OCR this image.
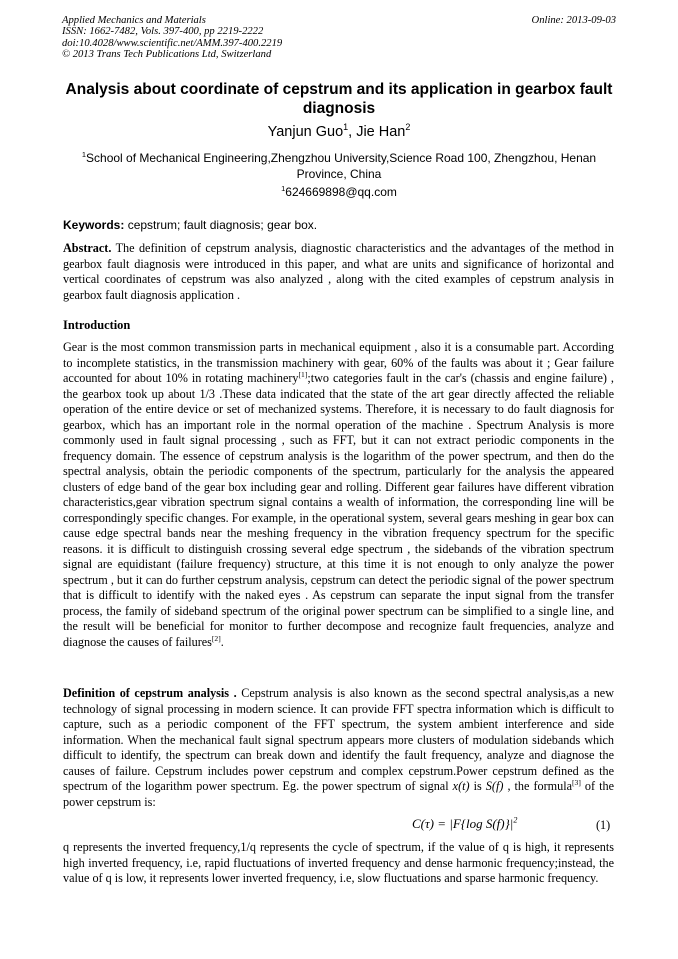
Applied Mechanics and Materials
ISSN: 1662-7482, Vols. 397-400, pp 2219-2222
doi:10.4028/www.scientific.net/AMM.397-400.2219
© 2013 Trans Tech Publications Ltd, Switzerland
Online: 2013-09-03
Analysis about coordinate of cepstrum and its application in gearbox fault diagnosis
Yanjun Guo$^1$, Jie Han$^2$
$^1$School of Mechanical Engineering,Zhengzhou University,Science Road 100, Zhengzhou, Henan Province, China
$^1$624669898@qq.com
Keywords: cepstrum; fault diagnosis; gear box.
Abstract. The definition of cepstrum analysis, diagnostic characteristics and the advantages of the method in gearbox fault diagnosis were introduced in this paper, and what are units and significance of horizontal and vertical coordinates of cepstrum was also analyzed , along with the cited examples of cepstrum analysis in gearbox fault diagnosis application .
Introduction
Gear is the most common transmission parts in mechanical equipment , also it is a consumable part. According to incomplete statistics, in the transmission machinery with gear, 60% of the faults was about it ; Gear failure accounted for about 10% in rotating machinery[1];two categories fault in the car's (chassis and engine failure) , the gearbox took up about 1/3 .These data indicated that the state of the art gear directly affected the reliable operation of the entire device or set of mechanized systems. Therefore, it is necessary to do fault diagnosis for gearbox, which has an important role in the normal operation of the machine . Spectrum Analysis is more commonly used in fault signal processing , such as FFT, but it can not extract periodic components in the frequency domain. The essence of cepstrum analysis is the logarithm of the power spectrum, and then do the spectral analysis, obtain the periodic components of the spectrum, particularly for the analysis the appeared clusters of edge band of the gear box including gear and rolling. Different gear failures have different vibration characteristics,gear vibration spectrum signal contains a wealth of information, the corresponding line will be correspondingly specific changes. For example, in the operational system, several gears meshing in gear box can cause edge spectral bands near the meshing frequency in the vibration frequency spectrum for the specific reasons. it is difficult to distinguish crossing several edge spectrum , the sidebands of the vibration spectrum signal are equidistant (failure frequency) structure, at this time it is not enough to only analyze the power spectrum , but it can do further cepstrum analysis, cepstrum can detect the periodic signal of the power spectrum that is difficult to identify with the naked eyes . As cepstrum can separate the input signal from the transfer process, the family of sideband spectrum of the original power spectrum can be simplified to a single line, and the result will be beneficial for monitor to further decompose and recognize fault frequencies, analyze and diagnose the causes of failures[2].
Definition of cepstrum analysis . Cepstrum analysis is also known as the second spectral analysis,as a new technology of signal processing in modern science. It can provide FFT spectra information which is difficult to capture, such as a periodic component of the FFT spectrum, the system ambient interference and side information. When the mechanical fault signal spectrum appears more clusters of modulation sidebands which difficult to identify, the spectrum can break down and identify the fault frequency, analyze and diagnose the causes of failure. Cepstrum includes power cepstrum and complex cepstrum.Power cepstrum defined as the spectrum of the logarithm power spectrum. Eg. the power spectrum of signal x(t) is S(f) , the formula[3] of the power cepstrum is:
C(τ) = |F{log $S(f)\}|^2$	(1)
q represents the inverted frequency,1/q represents the cycle of spectrum, if the value of q is high, it represents high inverted frequency, i.e, rapid fluctuations of inverted frequency and dense harmonic frequency;instead, the value of q is low, it represents lower inverted frequency, i.e, slow fluctuations and sparse harmonic frequency.
